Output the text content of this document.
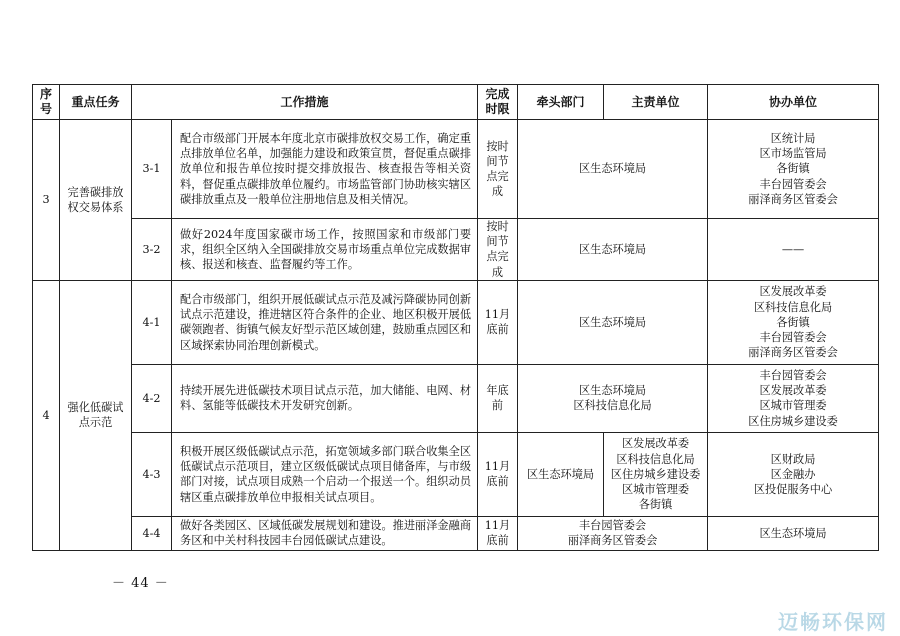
序号	重点任务	工作措施		完成时限	牵头部门	主责单位	协办单位
3	完善碳排放权交易体系	3-1	配合市级部门开展本年度北京市碳排放权交易工作，确定重点排放单位名单，加强能力建设和政策宣贯，督促重点碳排放单位和报告单位按时提交排放报告、核查报告等相关资料，督促重点碳排放单位履约。市场监管部门协助核实辖区碳排放重点及一般单位注册地信息及相关情况。	按时间节点完成	区生态环境局		区统计局
区市场监管局
各街镇
丰台园管委会
丽泽商务区管委会

		3-2	做好2024年度国家碳市场工作，按照国家和市级部门要求，组织全区纳入全国碳排放交易市场重点单位完成数据审核、报送和核查、监督履约等工作。	按时间节点完成	区生态环境局		——
4	强化低碳试点示范	4-1	配合市级部门，组织开展低碳试点示范及减污降碳协同创新试点示范建设，推进辖区符合条件的企业、地区积极开展低碳领跑者、街镇气候友好型示范区域创建，鼓励重点园区和区域探索协同治理创新模式。	11月底前	区生态环境局		区发展改革委
区科技信息化局
各街镇
丰台园管委会
丽泽商务区管委会

		4-2	持续开展先进低碳技术项目试点示范，加大储能、电网、材料、氢能等低碳技术开发研究创新。	年底前	区生态环境局
区科技信息化局		丰台园管委会
区发展改革委
区城市管理委
区住房城乡建设委

		4-3	积极开展区级低碳试点示范，拓宽领域多部门联合收集全区低碳试点示范项目，建立区级低碳试点项目储备库，与市级部门对接，试点项目成熟一个启动一个报送一个。组织动员辖区重点碳排放单位申报相关试点项目。	11月底前	区生态环境局	区发展改革委
区科技信息化局
区住房城乡建设委
区城市管理委
各街镇	区财政局
区金融办
区投促服务中心

		4-4	做好各类园区、区域低碳发展规划和建设。推进丽泽金融商务区和中关村科技园丰台园低碳试点建设。	11月底前	丰台园管委会
丽泽商务区管委会		区生态环境局
－ 44 －
迈畅环保网
